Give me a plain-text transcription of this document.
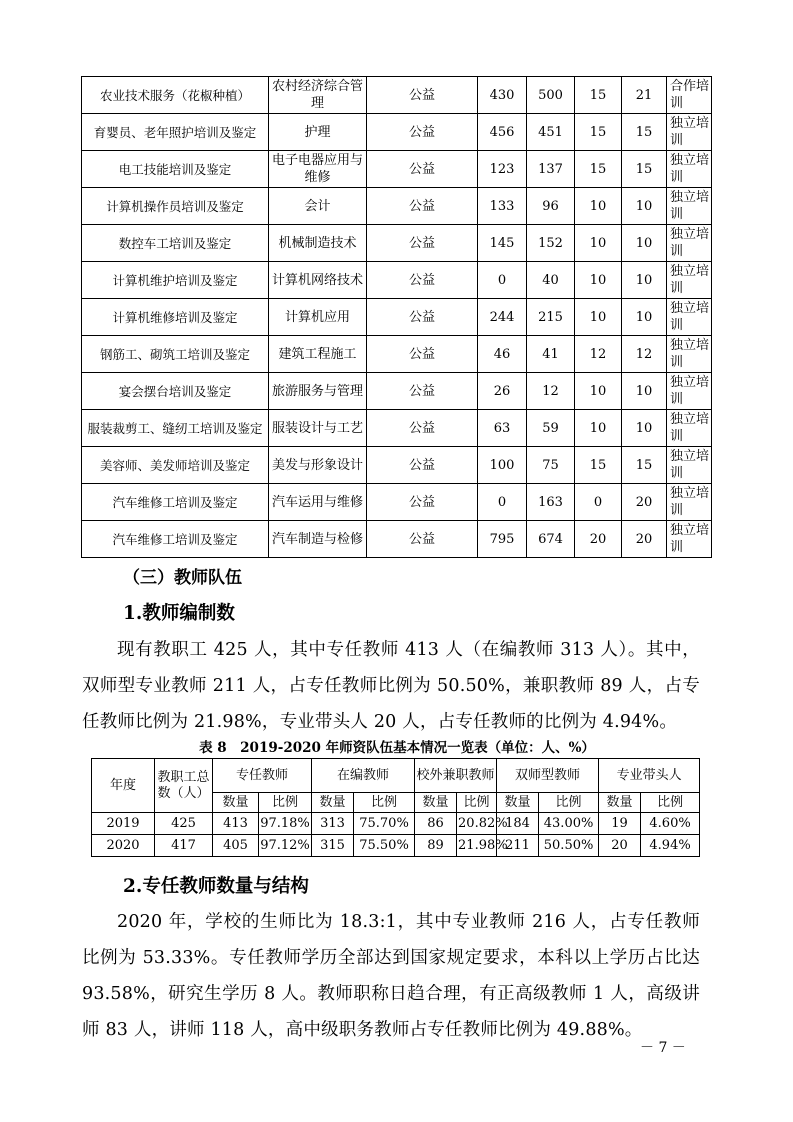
农业技术服务（花椒种植）	农村经济综合管理	公益	430	500	15	21	合作培训
育婴员、老年照护培训及鉴定	护理	公益	456	451	15	15	独立培训
电工技能培训及鉴定	电子电器应用与维修	公益	123	137	15	15	独立培训
计算机操作员培训及鉴定	会计	公益	133	96	10	10	独立培训
数控车工培训及鉴定	机械制造技术	公益	145	152	10	10	独立培训
计算机维护培训及鉴定	计算机网络技术	公益	0	40	10	10	独立培训
计算机维修培训及鉴定	计算机应用	公益	244	215	10	10	独立培训
钢筋工、砌筑工培训及鉴定	建筑工程施工	公益	46	41	12	12	独立培训
宴会摆台培训及鉴定	旅游服务与管理	公益	26	12	10	10	独立培训
服装裁剪工、缝纫工培训及鉴定	服装设计与工艺	公益	63	59	10	10	独立培训
美容师、美发师培训及鉴定	美发与形象设计	公益	100	75	15	15	独立培训
汽车维修工培训及鉴定	汽车运用与维修	公益	0	163	0	20	独立培训
汽车维修工培训及鉴定	汽车制造与检修	公益	795	674	20	20	独立培训
（三）教师队伍
1.教师编制数
现有教职工 425 人，其中专任教师 413 人（在编教师 313 人）。其中，双师型专业教师 211 人，占专任教师比例为 50.50%，兼职教师 89 人，占专任教师比例为 21.98%，专业带头人 20 人，占专任教师的比例为 4.94%。
表 8　2019-2020 年师资队伍基本情况一览表（单位：人、%）
年度	教职工总数（人）	专任教师		在编教师		校外兼职教师		双师型教师		专业带头人	
		数量	比例	数量	比例	数量	比例	数量	比例	数量	比例
2019	425	413	97.18%	313	75.70%	86	20.82%	184	43.00%	19	4.60%
2020	417	405	97.12%	315	75.50%	89	21.98%	211	50.50%	20	4.94%
2.专任教师数量与结构
2020 年，学校的生师比为 18.3:1，其中专业教师 216 人，占专任教师比例为 53.33%。专任教师学历全部达到国家规定要求，本科以上学历占比达 93.58%，研究生学历 8 人。教师职称日趋合理，有正高级教师 1 人，高级讲师 83 人，讲师 118 人，高中级职务教师占专任教师比例为 49.88%。
－ 7 －
